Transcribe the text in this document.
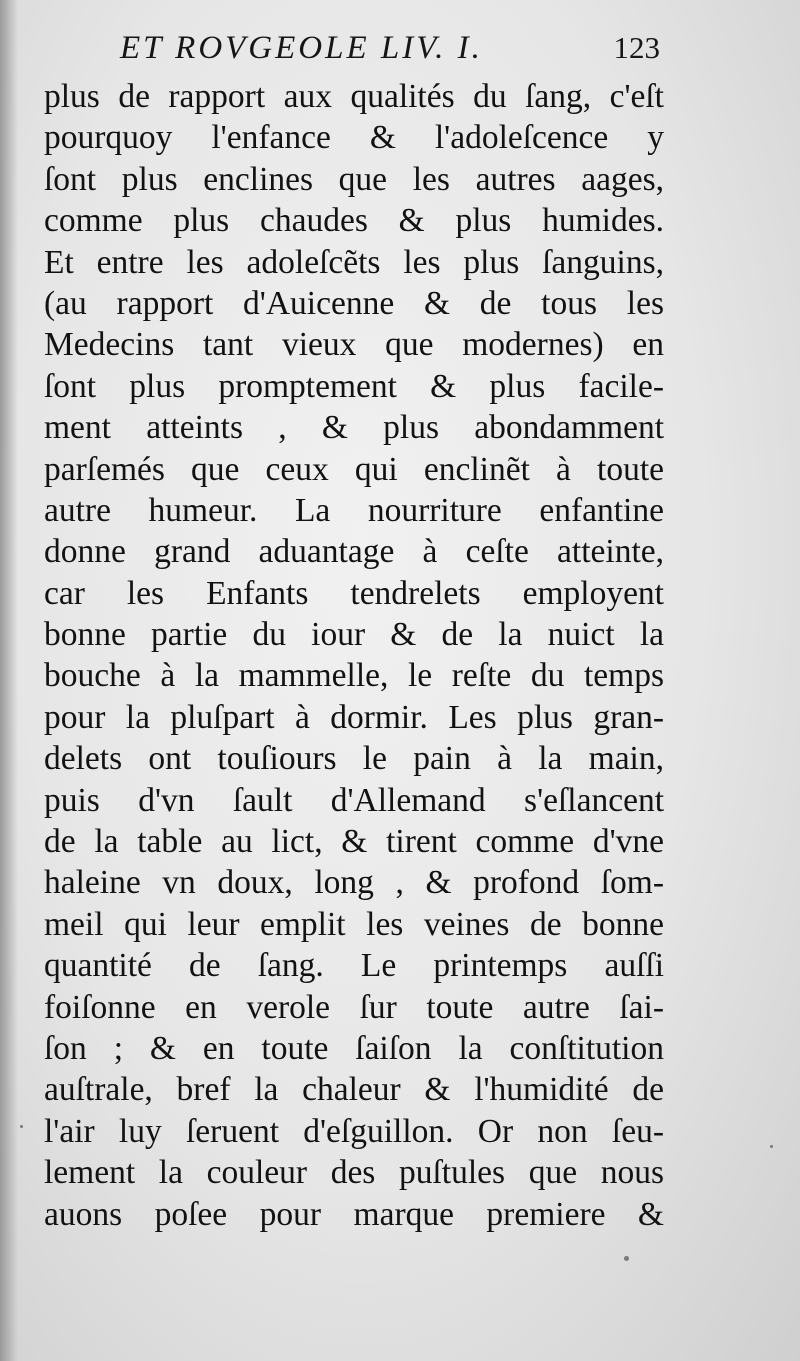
ET ROVGEOLE LIV. I.	123
plus de rapport aux qualités du ſang, c'eſt
pourquoy l'enfance & l'adoleſcence y
ſont plus enclines que les autres aages,
comme plus chaudes & plus humides.
Et entre les adoleſcẽts les plus ſanguins,
(au rapport d'Auicenne & de tous les
Medecins tant vieux que modernes) en
ſont plus promptement & plus facile-
ment atteints , & plus abondamment
parſemés que ceux qui enclinẽt à toute
autre humeur. La nourriture enfantine
donne grand aduantage à ceſte atteinte,
car les Enfants tendrelets employent
bonne partie du iour & de la nuict la
bouche à la mammelle, le reſte du temps
pour la pluſpart à dormir. Les plus gran-
delets ont touſiours le pain à la main,
puis d'vn ſault d'Allemand s'eſlancent
de la table au lict, & tirent comme d'vne
haleine vn doux, long , & profond ſom-
meil qui leur emplit les veines de bonne
quantité de ſang. Le printemps auſſi
foiſonne en verole ſur toute autre ſai-
ſon ; & en toute ſaiſon la conſtitution
auſtrale, bref la chaleur & l'humidité de
l'air luy ſeruent d'eſguillon. Or non ſeu-
lement la couleur des puſtules que nous
auons poſee pour marque premiere &
